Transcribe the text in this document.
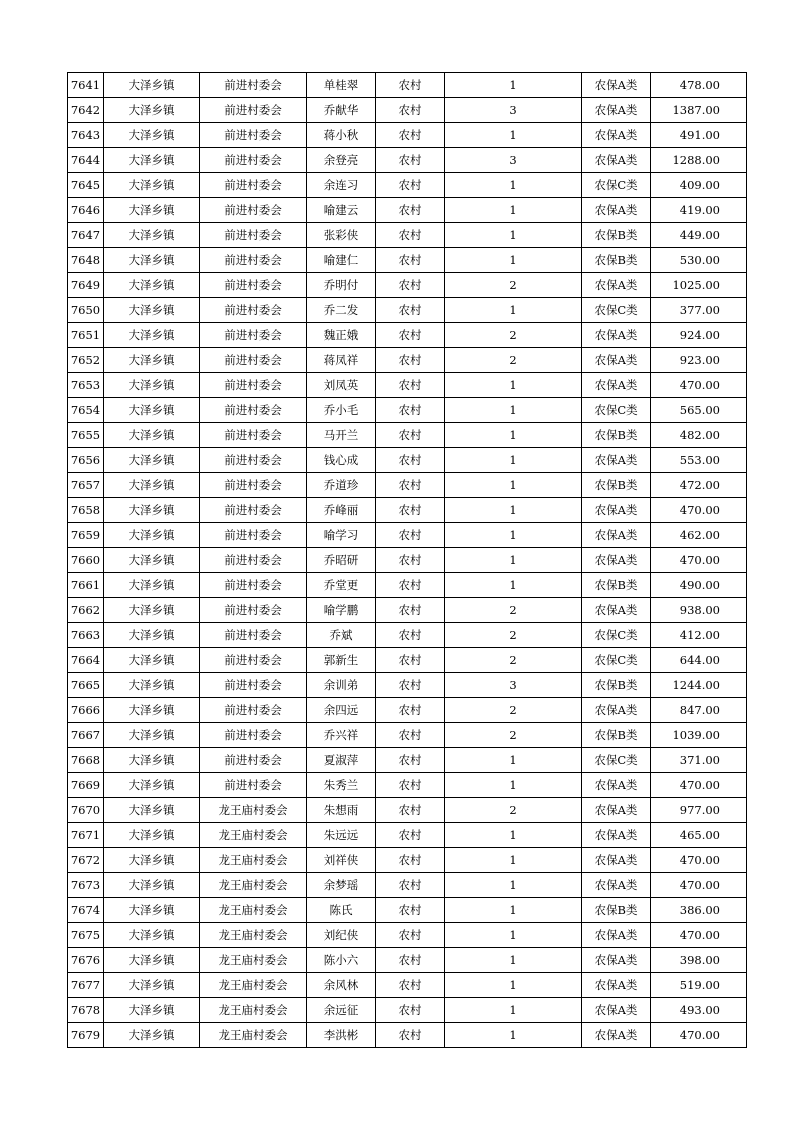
7641	大泽乡镇	前进村委会	单桂翠	农村	1	农保A类	478.00
7642	大泽乡镇	前进村委会	乔献华	农村	3	农保A类	1387.00
7643	大泽乡镇	前进村委会	蒋小秋	农村	1	农保A类	491.00
7644	大泽乡镇	前进村委会	余登亮	农村	3	农保A类	1288.00
7645	大泽乡镇	前进村委会	余连习	农村	1	农保C类	409.00
7646	大泽乡镇	前进村委会	喻建云	农村	1	农保A类	419.00
7647	大泽乡镇	前进村委会	张彩侠	农村	1	农保B类	449.00
7648	大泽乡镇	前进村委会	喻建仁	农村	1	农保B类	530.00
7649	大泽乡镇	前进村委会	乔明付	农村	2	农保A类	1025.00
7650	大泽乡镇	前进村委会	乔二发	农村	1	农保C类	377.00
7651	大泽乡镇	前进村委会	魏正娥	农村	2	农保A类	924.00
7652	大泽乡镇	前进村委会	蒋凤祥	农村	2	农保A类	923.00
7653	大泽乡镇	前进村委会	刘凤英	农村	1	农保A类	470.00
7654	大泽乡镇	前进村委会	乔小毛	农村	1	农保C类	565.00
7655	大泽乡镇	前进村委会	马开兰	农村	1	农保B类	482.00
7656	大泽乡镇	前进村委会	钱心成	农村	1	农保A类	553.00
7657	大泽乡镇	前进村委会	乔道珍	农村	1	农保B类	472.00
7658	大泽乡镇	前进村委会	乔峰丽	农村	1	农保A类	470.00
7659	大泽乡镇	前进村委会	喻学习	农村	1	农保A类	462.00
7660	大泽乡镇	前进村委会	乔昭研	农村	1	农保A类	470.00
7661	大泽乡镇	前进村委会	乔堂更	农村	1	农保B类	490.00
7662	大泽乡镇	前进村委会	喻学鹏	农村	2	农保A类	938.00
7663	大泽乡镇	前进村委会	乔斌	农村	2	农保C类	412.00
7664	大泽乡镇	前进村委会	郭新生	农村	2	农保C类	644.00
7665	大泽乡镇	前进村委会	余训弟	农村	3	农保B类	1244.00
7666	大泽乡镇	前进村委会	余四远	农村	2	农保A类	847.00
7667	大泽乡镇	前进村委会	乔兴祥	农村	2	农保B类	1039.00
7668	大泽乡镇	前进村委会	夏淑萍	农村	1	农保C类	371.00
7669	大泽乡镇	前进村委会	朱秀兰	农村	1	农保A类	470.00
7670	大泽乡镇	龙王庙村委会	朱想雨	农村	2	农保A类	977.00
7671	大泽乡镇	龙王庙村委会	朱远远	农村	1	农保A类	465.00
7672	大泽乡镇	龙王庙村委会	刘祥侠	农村	1	农保A类	470.00
7673	大泽乡镇	龙王庙村委会	余梦瑶	农村	1	农保A类	470.00
7674	大泽乡镇	龙王庙村委会	陈氏	农村	1	农保B类	386.00
7675	大泽乡镇	龙王庙村委会	刘纪侠	农村	1	农保A类	470.00
7676	大泽乡镇	龙王庙村委会	陈小六	农村	1	农保A类	398.00
7677	大泽乡镇	龙王庙村委会	余风林	农村	1	农保A类	519.00
7678	大泽乡镇	龙王庙村委会	余远征	农村	1	农保A类	493.00
7679	大泽乡镇	龙王庙村委会	李洪彬	农村	1	农保A类	470.00
